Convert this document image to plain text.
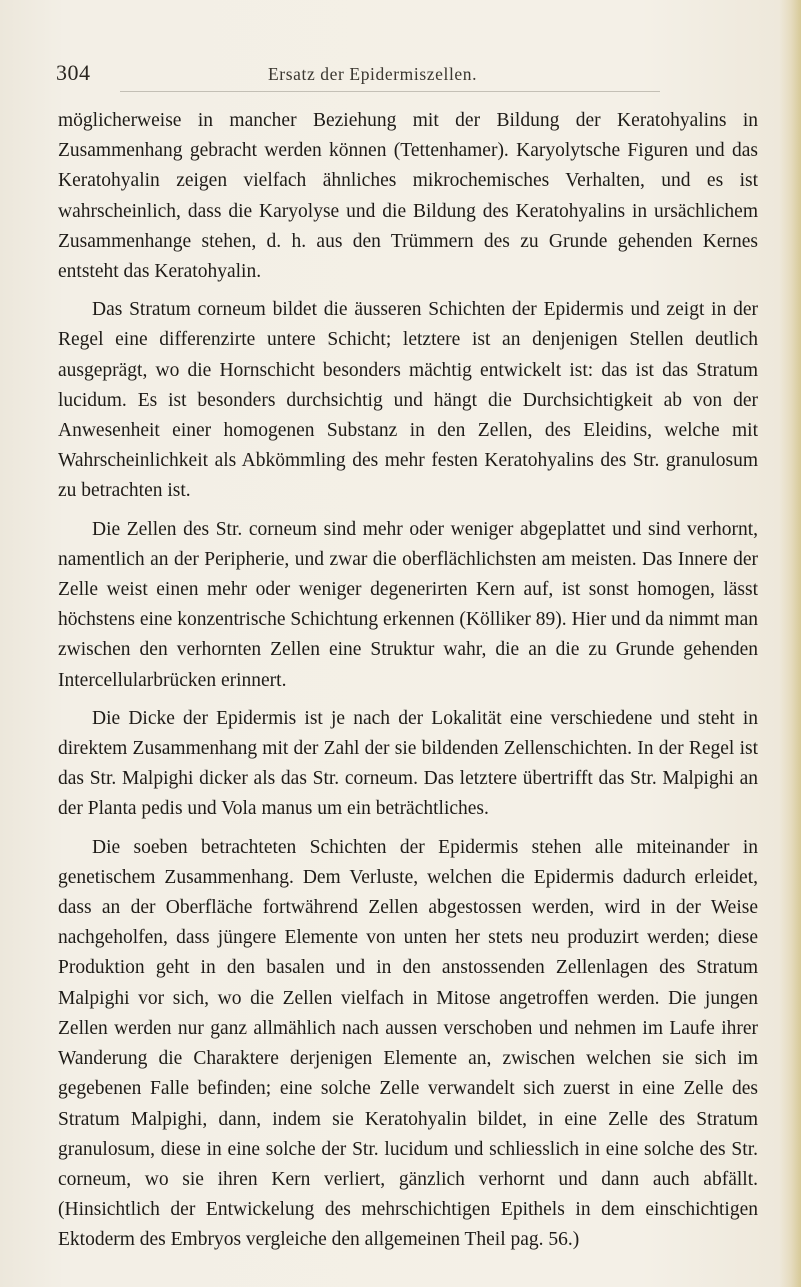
304	Ersatz der Epidermiszellen.

möglicherweise in mancher Beziehung mit der Bildung der Keratohyalins in Zusammenhang gebracht werden können (Tettenhamer). Karyolytsche Figuren und das Keratohyalin zeigen vielfach ähnliches mikrochemisches Verhalten, und es ist wahrscheinlich, dass die Karyolyse und die Bildung des Keratohyalins in ursächlichem Zusammenhange stehen, d. h. aus den Trümmern des zu Grunde gehenden Kernes entsteht das Keratohyalin.

Das Stratum corneum bildet die äusseren Schichten der Epidermis und zeigt in der Regel eine differenzirte untere Schicht; letztere ist an denjenigen Stellen deutlich ausgeprägt, wo die Hornschicht besonders mächtig entwickelt ist: das ist das Stratum lucidum. Es ist besonders durchsichtig und hängt die Durchsichtigkeit ab von der Anwesenheit einer homogenen Substanz in den Zellen, des Eleidins, welche mit Wahrscheinlichkeit als Abkömmling des mehr festen Keratohyalins des Str. granulosum zu betrachten ist.

Die Zellen des Str. corneum sind mehr oder weniger abgeplattet und sind verhornt, namentlich an der Peripherie, und zwar die oberflächlichsten am meisten. Das Innere der Zelle weist einen mehr oder weniger degenerirten Kern auf, ist sonst homogen, lässt höchstens eine konzentrische Schichtung erkennen (Kölliker 89). Hier und da nimmt man zwischen den verhornten Zellen eine Struktur wahr, die an die zu Grunde gehenden Intercellularbrücken erinnert.

Die Dicke der Epidermis ist je nach der Lokalität eine verschiedene und steht in direktem Zusammenhang mit der Zahl der sie bildenden Zellenschichten. In der Regel ist das Str. Malpighi dicker als das Str. corneum. Das letztere übertrifft das Str. Malpighi an der Planta pedis und Vola manus um ein beträchtliches.

Die soeben betrachteten Schichten der Epidermis stehen alle miteinander in genetischem Zusammenhang. Dem Verluste, welchen die Epidermis dadurch erleidet, dass an der Oberfläche fortwährend Zellen abgestossen werden, wird in der Weise nachgeholfen, dass jüngere Elemente von unten her stets neu produzirt werden; diese Produktion geht in den basalen und in den anstossenden Zellenlagen des Stratum Malpighi vor sich, wo die Zellen vielfach in Mitose angetroffen werden. Die jungen Zellen werden nur ganz allmählich nach aussen verschoben und nehmen im Laufe ihrer Wanderung die Charaktere derjenigen Elemente an, zwischen welchen sie sich im gegebenen Falle befinden; eine solche Zelle verwandelt sich zuerst in eine Zelle des Stratum Malpighi, dann, indem sie Keratohyalin bildet, in eine Zelle des Stratum granulosum, diese in eine solche der Str. lucidum und schliesslich in eine solche des Str. corneum, wo sie ihren Kern verliert, gänzlich verhornt und dann auch abfällt. (Hinsichtlich der Entwickelung des mehrschichtigen Epithels in dem einschichtigen Ektoderm des Embryos vergleiche den allgemeinen Theil pag. 56.)
